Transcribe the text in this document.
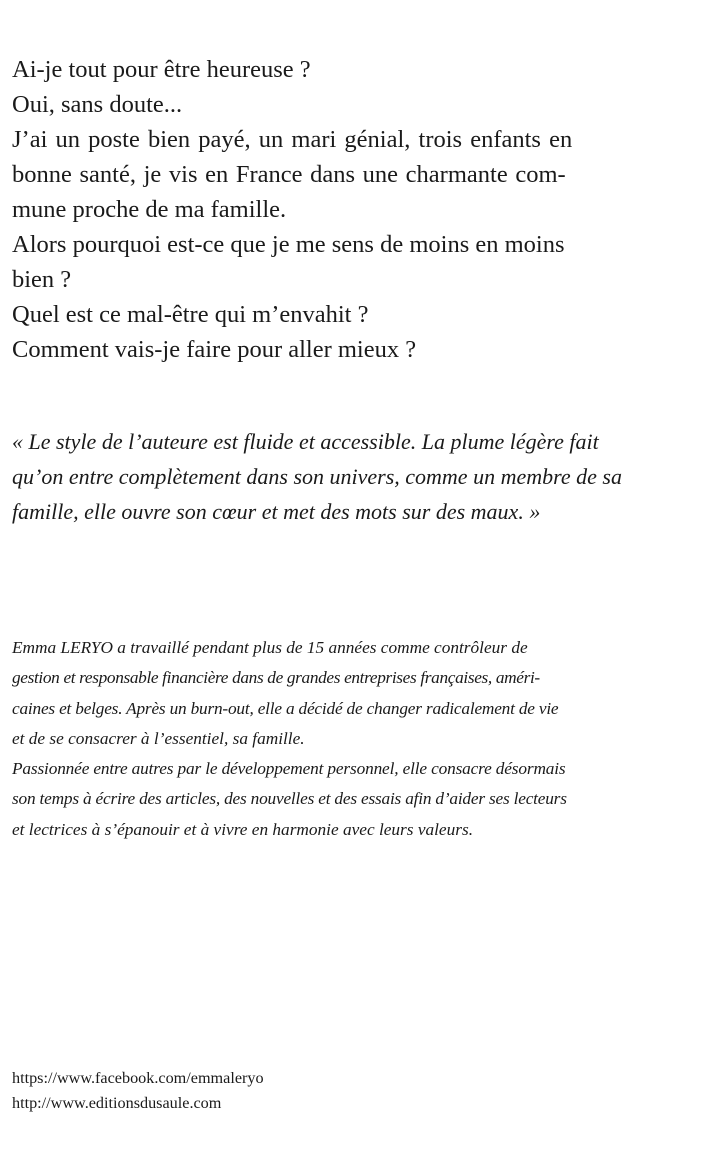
Ai-je tout pour être heureuse ?
Oui, sans doute...
J’ai un poste bien payé, un mari génial, trois enfants en
bonne santé, je vis en France dans une charmante com-
mune proche de ma famille.
Alors pourquoi est-ce que je me sens de moins en moins
bien ?
Quel est ce mal-être qui m’envahit ?
Comment vais-je faire pour aller mieux ?
« Le style de l’auteure est fluide et accessible. La plume légère fait
qu’on entre complètement dans son univers, comme un membre de sa
famille, elle ouvre son cœur et met des mots sur des maux. »
Emma LERYO a travaillé pendant plus de 15 années comme contrôleur de
gestion et responsable financière dans de grandes entreprises françaises, améri-
caines et belges. Après un burn-out, elle a décidé de changer radicalement de vie
et de se consacrer à l’essentiel, sa famille.
Passionnée entre autres par le développement personnel, elle consacre désormais
son temps à écrire des articles, des nouvelles et des essais afin d’aider ses lecteurs
et lectrices à s’épanouir et à vivre en harmonie avec leurs valeurs.
https://www.facebook.com/emmaleryo
http://www.editionsdusaule.com
